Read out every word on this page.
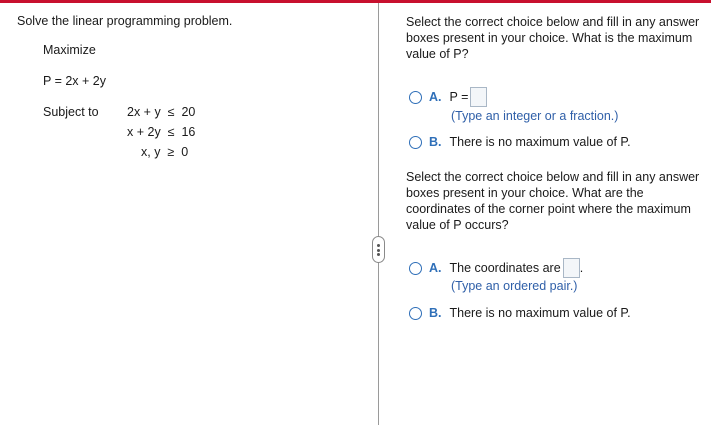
Solve the linear programming problem.
Maximize
P = 2x + 2y
Subject to 2x + y  ≤  20
x + 2y  ≤  16
x, y  ≥  0
Select the correct choice below and fill in any answer boxes present in your choice. What is the maximum value of P?
A. P =
(Type an integer or a fraction.)
B. There is no maximum value of P.
Select the correct choice below and fill in any answer boxes present in your choice. What are the coordinates of the corner point where the maximum value of P occurs?
A. The coordinates are .
(Type an ordered pair.)
B. There is no maximum value of P.
